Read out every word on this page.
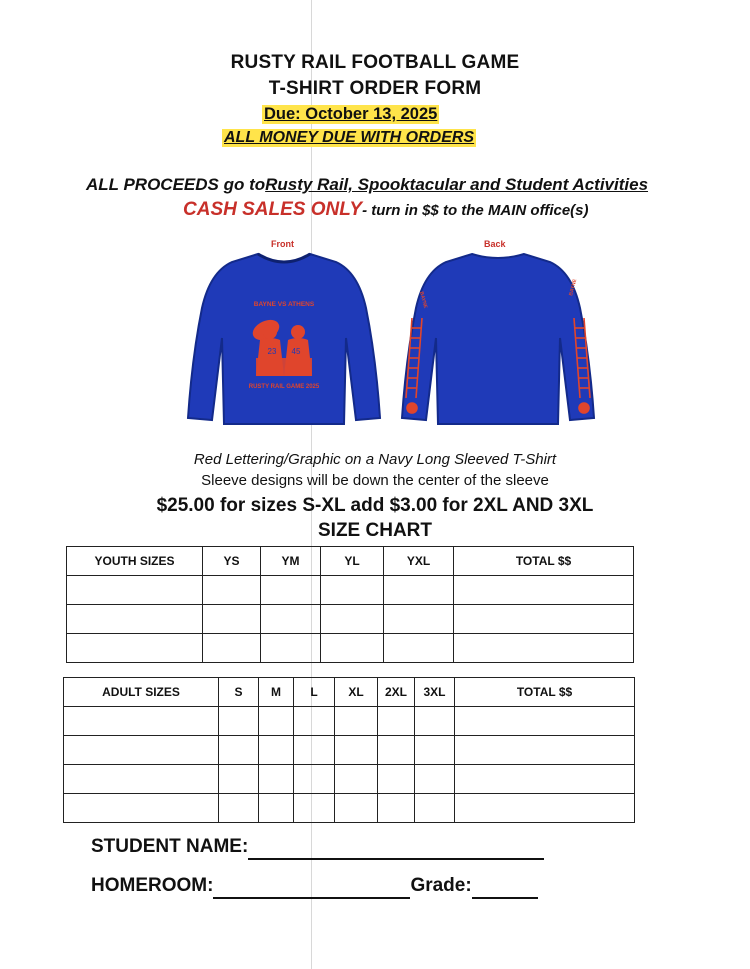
RUSTY RAIL FOOTBALL GAME
T-SHIRT ORDER FORM
Due: October 13, 2025
ALL MONEY DUE WITH ORDERS
ALL PROCEEDS go toRusty Rail, Spooktacular and Student Activities
CASH SALES ONLY- turn in $$ to the MAIN office(s)
Front	Back
BAYNE VS ATHENS
23 45
RUSTY RAIL GAME 2025
BAYNE
BAYNE
Red Lettering/Graphic on a Navy Long Sleeved T-Shirt
Sleeve designs will be down the center of the sleeve
$25.00 for sizes S-XL add $3.00 for 2XL AND 3XL
SIZE CHART
YOUTH SIZES	YS	YM	YL	YXL	TOTAL $$

ADULT SIZES	S	M	L	XL	2XL	3XL	TOTAL $$

STUDENT NAME:
HOMEROOM:	Grade:
